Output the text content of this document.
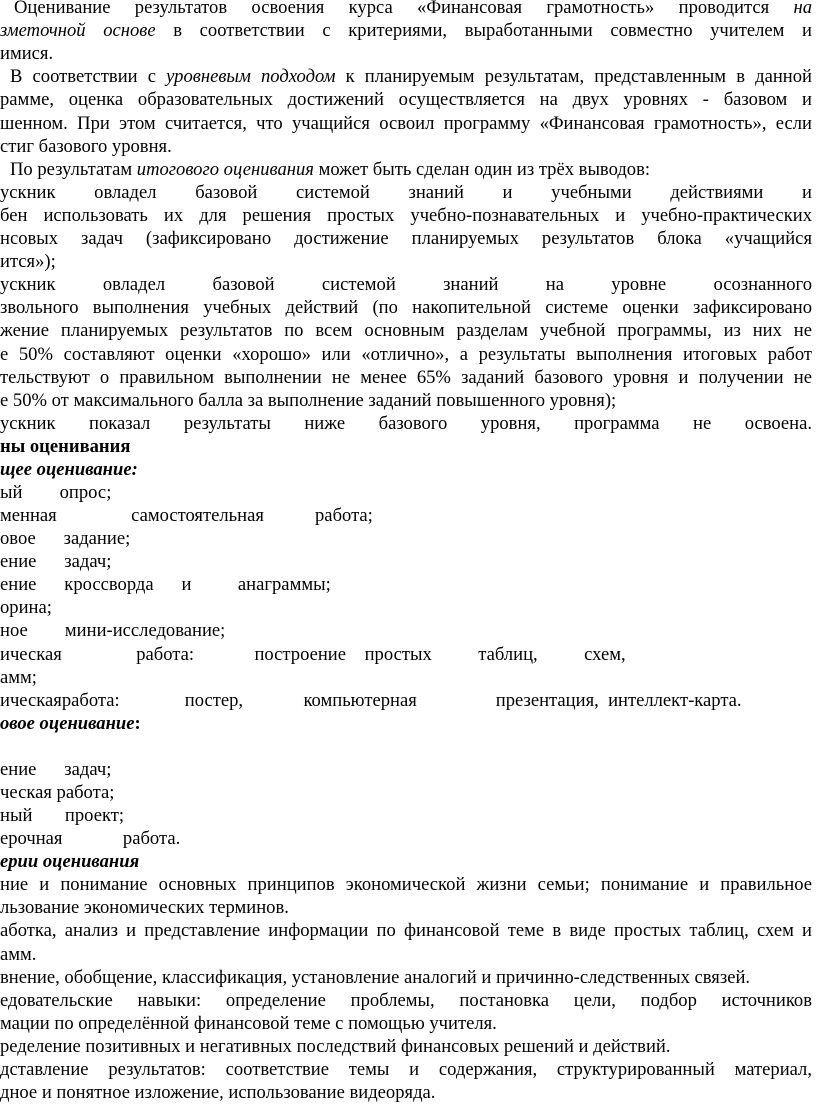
Оценивание результатов освоения курса «Финансовая грамотность» проводится на
зметочной основе в соответствии с критериями, выработанными совместно учителем и
имися.
В соответствии с уровневым подходом к планируемым результатам, представленным в данной
рамме, оценка образовательных достижений осуществляется на двух уровнях - базовом и
шенном. При этом считается, что учащийся освоил программу «Финансовая грамотность», если
стиг базового уровня.
По результатам итогового оценивания может быть сделан один из трёх выводов:
ускник овладел базовой системой знаний и учебными действиями и
бен использовать их для решения простых учебно-познавательных и учебно-практических
нсовых задач (зафиксировано достижение планируемых результатов блока «учащийся
ится»);
ускник овладел базовой системой знаний на уровне осознанного
звольного выполнения учебных действий (по накопительной системе оценки зафиксировано
жение планируемых результатов по всем основным разделам учебной программы, из них не
е 50% составляют оценки «хорошо» или «отлично», а результаты выполнения итоговых работ
тельствуют о правильном выполнении не менее 65% заданий базового уровня и получении не
е 50% от максимального балла за выполнение заданий повышенного уровня);
ускник показал результаты ниже базового уровня, программа не освоена.
ны оценивания
щее оценивание:
ый        опрос;
менная                самостоятельная           работа;
овое      задание;
ение      задач;
ение      кроссворда      и          анаграммы;
орина;
ное        мини-исследование;
ическая                работа:             построение    простых          таблиц,          схем,
амм;
ическаяработа:              постер,             компьютерная                 презентация,  интеллект-карта.
овое оценивание:
ение      задач;
ческая работа;
ный       проект;
ерочная             работа.
ерии оценивания
ние и понимание основных принципов экономической жизни семьи; понимание и правильное
льзование экономических терминов.
аботка, анализ и представление информации по финансовой теме в виде простых таблиц, схем и
амм.
внение, обобщение, классификация, установление аналогий и причинно-следственных связей.
едовательские навыки: определение проблемы, постановка цели, подбор источников
мации по определённой финансовой теме с помощью учителя.
ределение позитивных и негативных последствий финансовых решений и действий.
дставление результатов: соответствие темы и содержания, структурированный материал,
дное и понятное изложение, использование видеоряда.
